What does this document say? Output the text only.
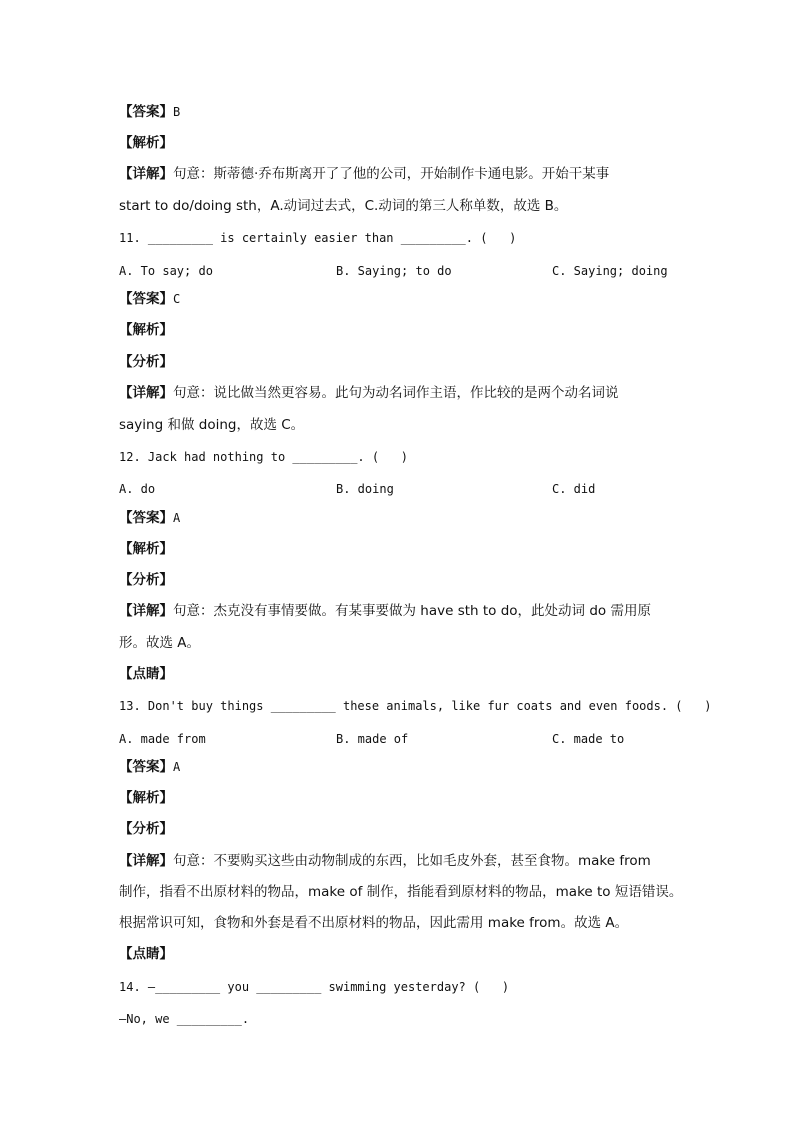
【答案】B
【解析】
【详解】句意：斯蒂德·乔布斯离开了了他的公司，开始制作卡通电影。开始干某事
start to do/doing sth，A.动词过去式，C.动词的第三人称单数，故选 B。
11. _________ is certainly easier than _________. (   )
A. To say; do	B. Saying; to do	C. Saying; doing
【答案】C
【解析】
【分析】
【详解】句意：说比做当然更容易。此句为动名词作主语，作比较的是两个动名词说
saying 和做 doing，故选 C。
12. Jack had nothing to _________. (   )
A. do	B. doing	C. did
【答案】A
【解析】
【分析】
【详解】句意：杰克没有事情要做。有某事要做为 have sth to do，此处动词 do 需用原
形。故选 A。
【点睛】
13. Don't buy things _________ these animals, like fur coats and even foods. (   )
A. made from	B. made of	C. made to
【答案】A
【解析】
【分析】
【详解】句意：不要购买这些由动物制成的东西，比如毛皮外套，甚至食物。make from
制作，指看不出原材料的物品，make of 制作，指能看到原材料的物品，make to 短语错误。
根据常识可知，食物和外套是看不出原材料的物品，因此需用 make from。故选 A。
【点睛】
14. —_________ you _________ swimming yesterday? (   )
—No, we _________.
